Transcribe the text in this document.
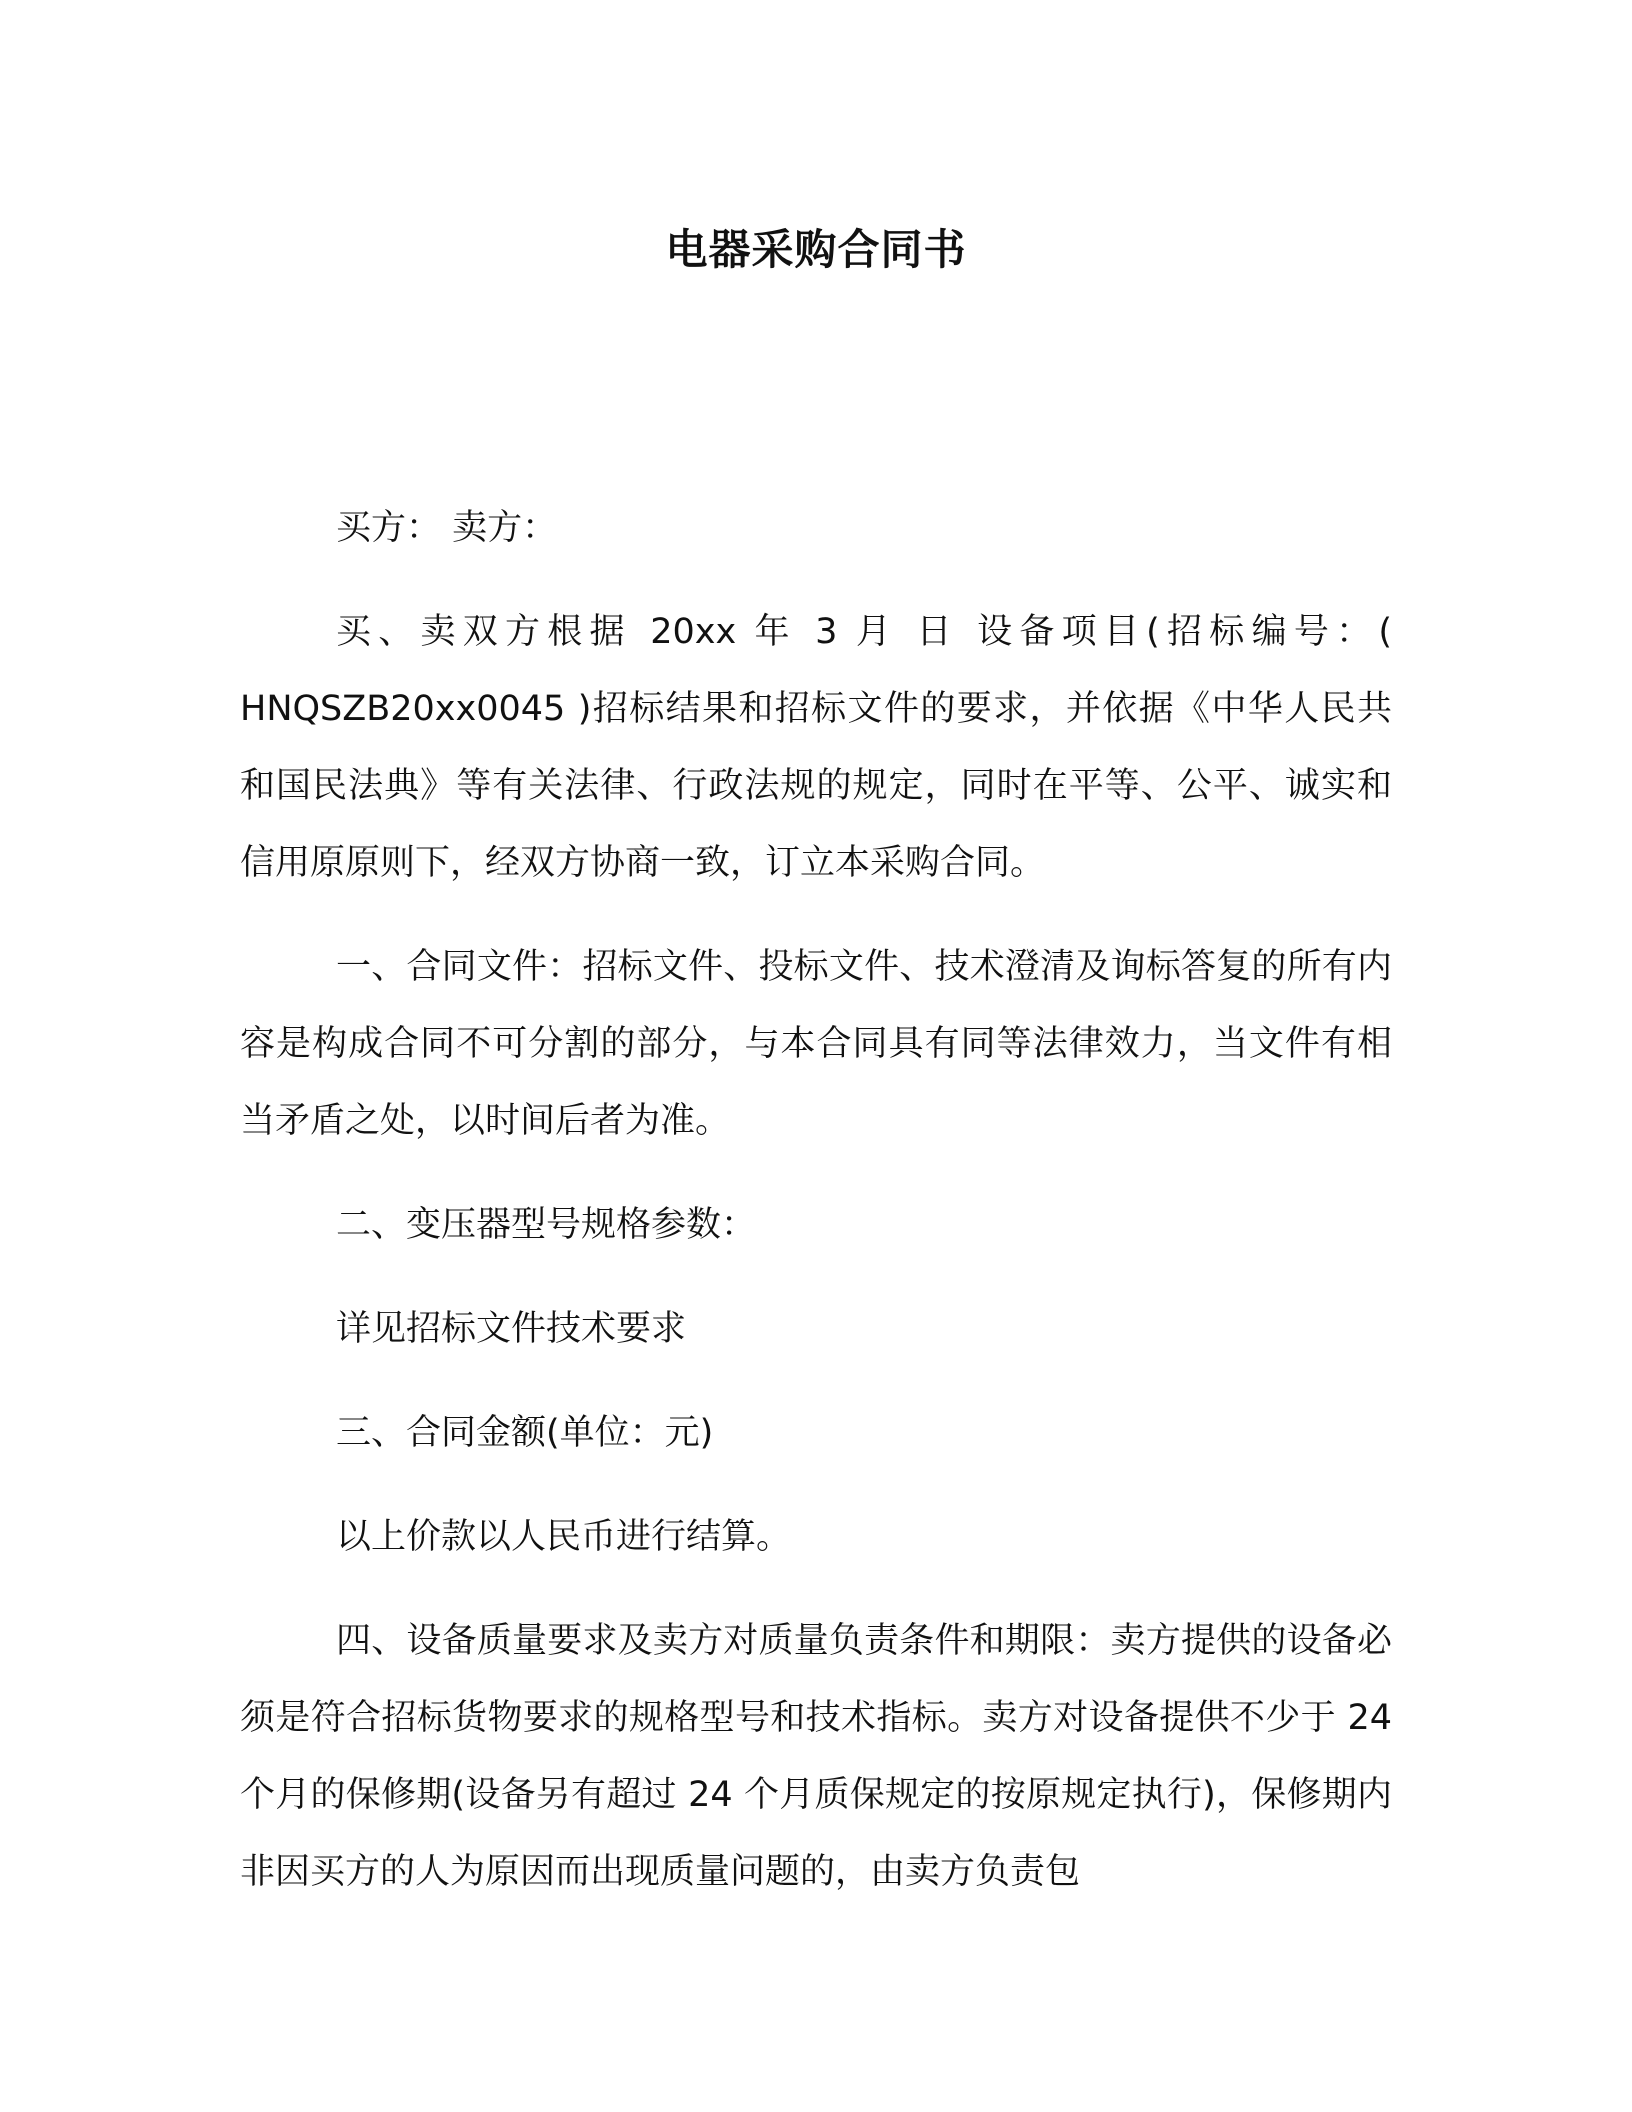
电器采购合同书

买方： 卖方：

买、卖双方根据 20xx 年 3 月 日 设备项目(招标编号：( HNQSZB20xx0045 )招标结果和招标文件的要求，并依据《中华人民共和国民法典》等有关法律、行政法规的规定，同时在平等、公平、诚实和信用原原则下，经双方协商一致，订立本采购合同。

一、合同文件：招标文件、投标文件、技术澄清及询标答复的所有内容是构成合同不可分割的部分，与本合同具有同等法律效力，当文件有相当矛盾之处，以时间后者为准。

二、变压器型号规格参数：

详见招标文件技术要求

三、合同金额(单位：元)

以上价款以人民币进行结算。

四、设备质量要求及卖方对质量负责条件和期限：卖方提供的设备必须是符合招标货物要求的规格型号和技术指标。卖方对设备提供不少于 24 个月的保修期(设备另有超过 24 个月质保规定的按原规定执行)，保修期内非因买方的人为原因而出现质量问题的，由卖方负责包
